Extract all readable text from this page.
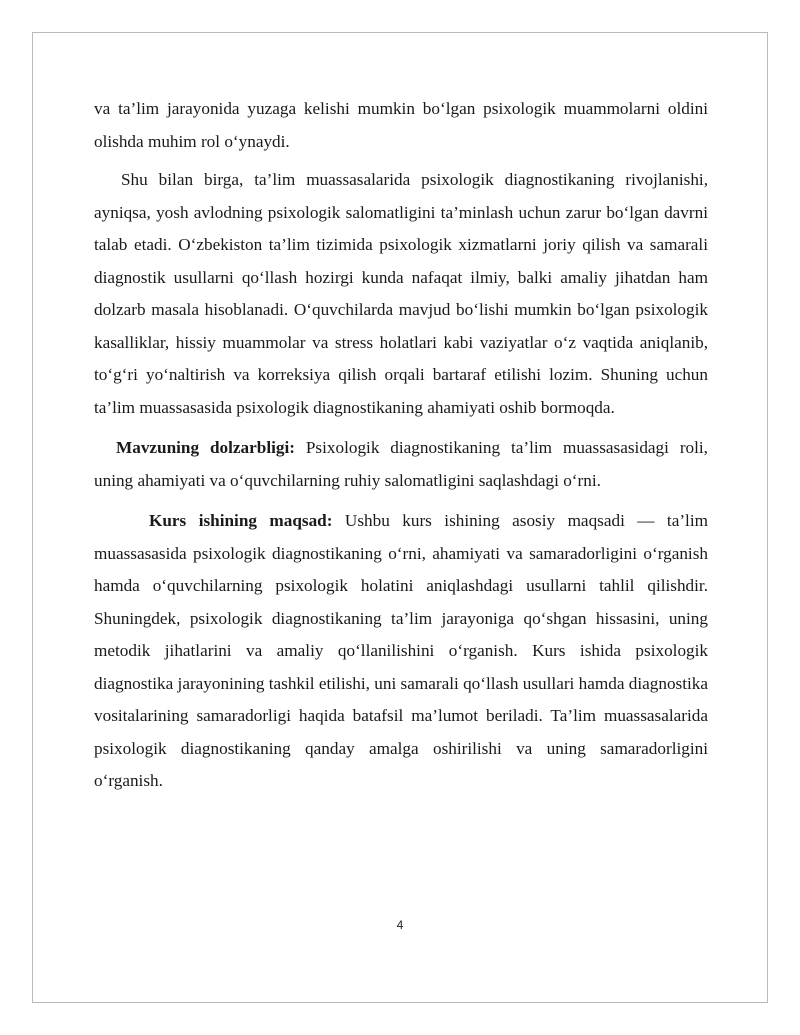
va ta’lim jarayonida yuzaga kelishi mumkin bo‘lgan psixologik muammolarni oldini olishda muhim rol o‘ynaydi.

Shu bilan birga, ta’lim muassasalarida psixologik diagnostikaning rivojlanishi, ayniqsa, yosh avlodning psixologik salomatligini ta’minlash uchun zarur bo‘lgan davrni talab etadi. O‘zbekiston ta’lim tizimida psixologik xizmatlarni joriy qilish va samarali diagnostik usullarni qo‘llash hozirgi kunda nafaqat ilmiy, balki amaliy jihatdan ham dolzarb masala hisoblanadi. O‘quvchilarda mavjud bo‘lishi mumkin bo‘lgan psixologik kasalliklar, hissiy muammolar va stress holatlari kabi vaziyatlar o‘z vaqtida aniqlanib, to‘g‘ri yo‘naltirish va korreksiya qilish orqali bartaraf etilishi lozim. Shuning uchun ta’lim muassasasida psixologik diagnostikaning ahamiyati oshib bormoqda.

Mavzuning dolzarbligi: Psixologik diagnostikaning ta’lim muassasasidagi roli, uning ahamiyati va o‘quvchilarning ruhiy salomatligini saqlashdagi o‘rni.

Kurs ishining maqsad: Ushbu kurs ishining asosiy maqsadi — ta’lim muassasasida psixologik diagnostikaning o‘rni, ahamiyati va samaradorligini o‘rganish hamda o‘quvchilarning psixologik holatini aniqlashdagi usullarni tahlil qilishdir. Shuningdek, psixologik diagnostikaning ta’lim jarayoniga qo‘shgan hissasini, uning metodik jihatlarini va amaliy qo‘llanilishini o‘rganish. Kurs ishida psixologik diagnostika jarayonining tashkil etilishi, uni samarali qo‘llash usullari hamda diagnostika vositalarining samaradorligi haqida batafsil ma’lumot beriladi. Ta’lim muassasalarida psixologik diagnostikaning qanday amalga oshirilishi va uning samaradorligini o‘rganish.

4
